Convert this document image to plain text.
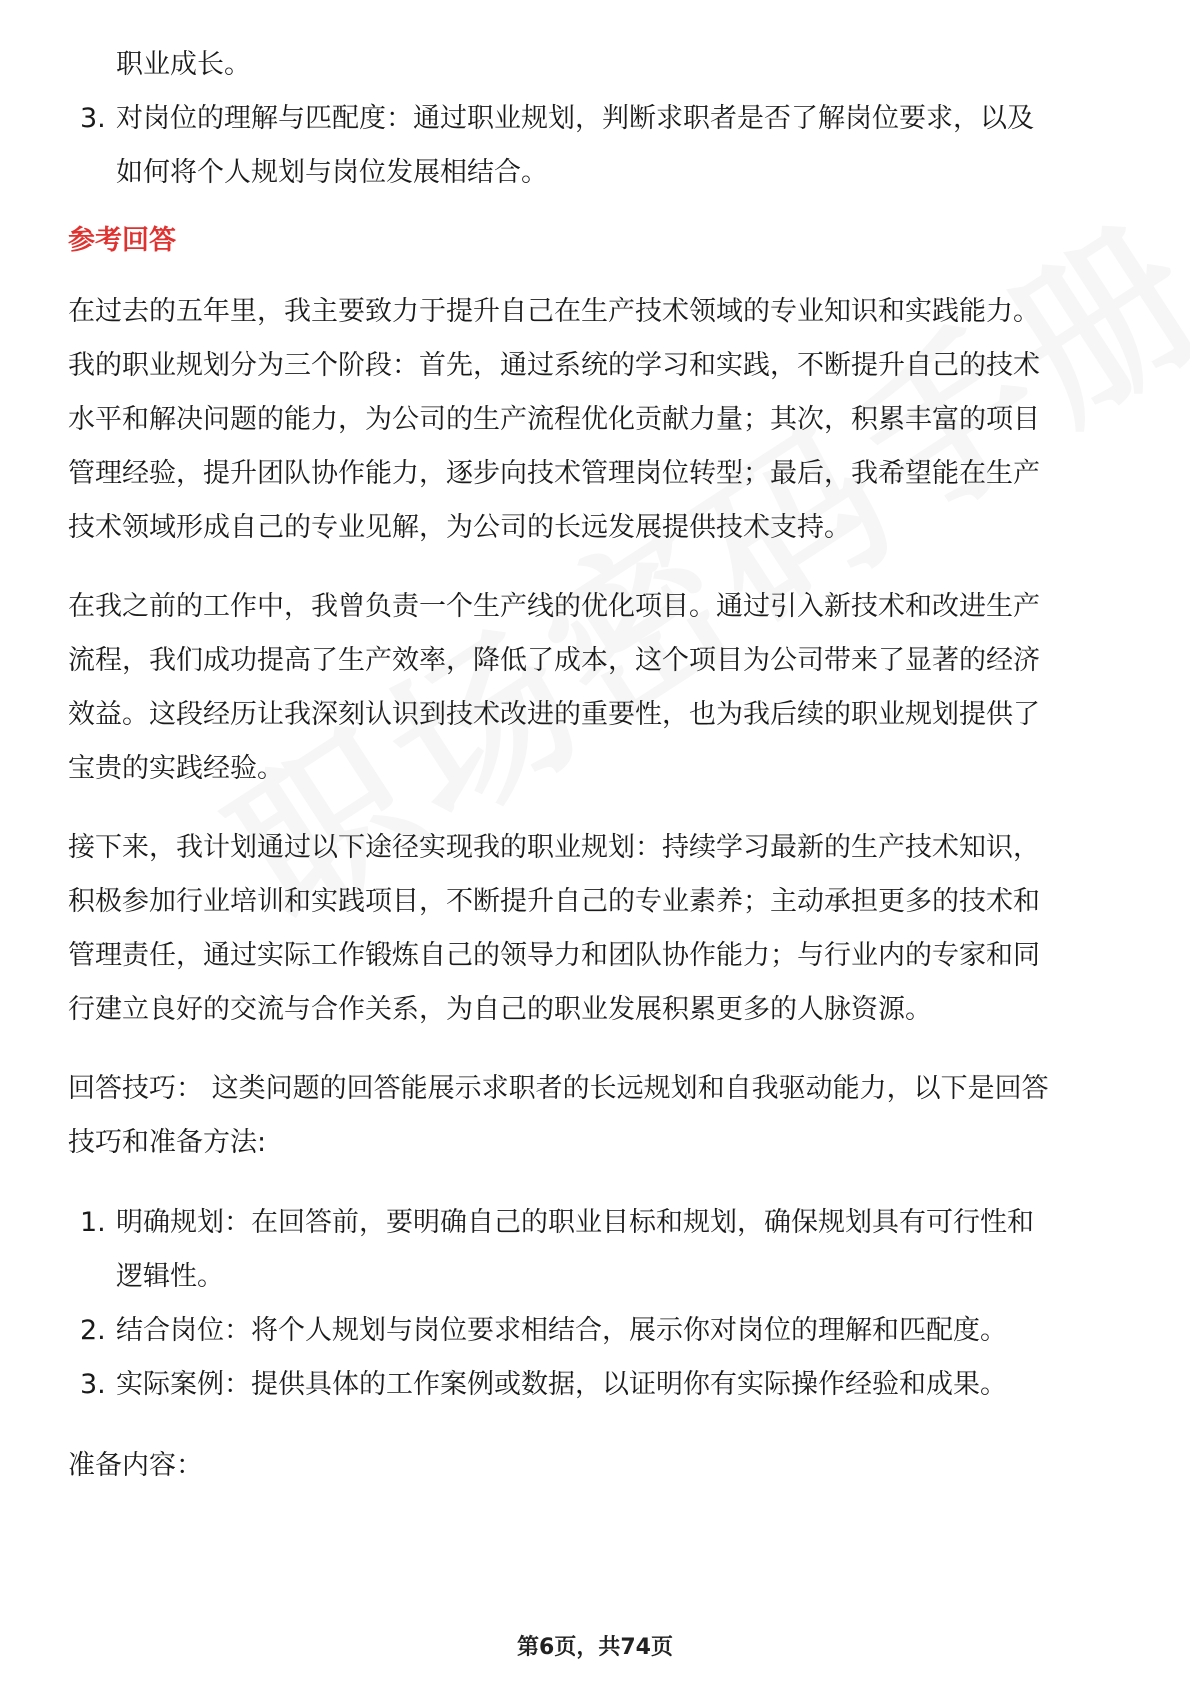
职业成长。
3. 对岗位的理解与匹配度：通过职业规划，判断求职者是否了解岗位要求，以及
如何将个人规划与岗位发展相结合。
参考回答
在过去的五年里，我主要致力于提升自己在生产技术领域的专业知识和实践能力。
我的职业规划分为三个阶段：首先，通过系统的学习和实践，不断提升自己的技术
水平和解决问题的能力，为公司的生产流程优化贡献力量；其次，积累丰富的项目
管理经验，提升团队协作能力，逐步向技术管理岗位转型；最后，我希望能在生产
技术领域形成自己的专业见解，为公司的长远发展提供技术支持。
在我之前的工作中，我曾负责一个生产线的优化项目。通过引入新技术和改进生产
流程，我们成功提高了生产效率，降低了成本，这个项目为公司带来了显著的经济
效益。这段经历让我深刻认识到技术改进的重要性，也为我后续的职业规划提供了
宝贵的实践经验。
接下来，我计划通过以下途径实现我的职业规划：持续学习最新的生产技术知识，
积极参加行业培训和实践项目，不断提升自己的专业素养；主动承担更多的技术和
管理责任，通过实际工作锻炼自己的领导力和团队协作能力；与行业内的专家和同
行建立良好的交流与合作关系，为自己的职业发展积累更多的人脉资源。
回答技巧： 这类问题的回答能展示求职者的长远规划和自我驱动能力，以下是回答
技巧和准备方法:
1. 明确规划：在回答前，要明确自己的职业目标和规划，确保规划具有可行性和
逻辑性。
2. 结合岗位：将个人规划与岗位要求相结合，展示你对岗位的理解和匹配度。
3. 实际案例：提供具体的工作案例或数据，以证明你有实际操作经验和成果。
准备内容：
第6页，共74页
